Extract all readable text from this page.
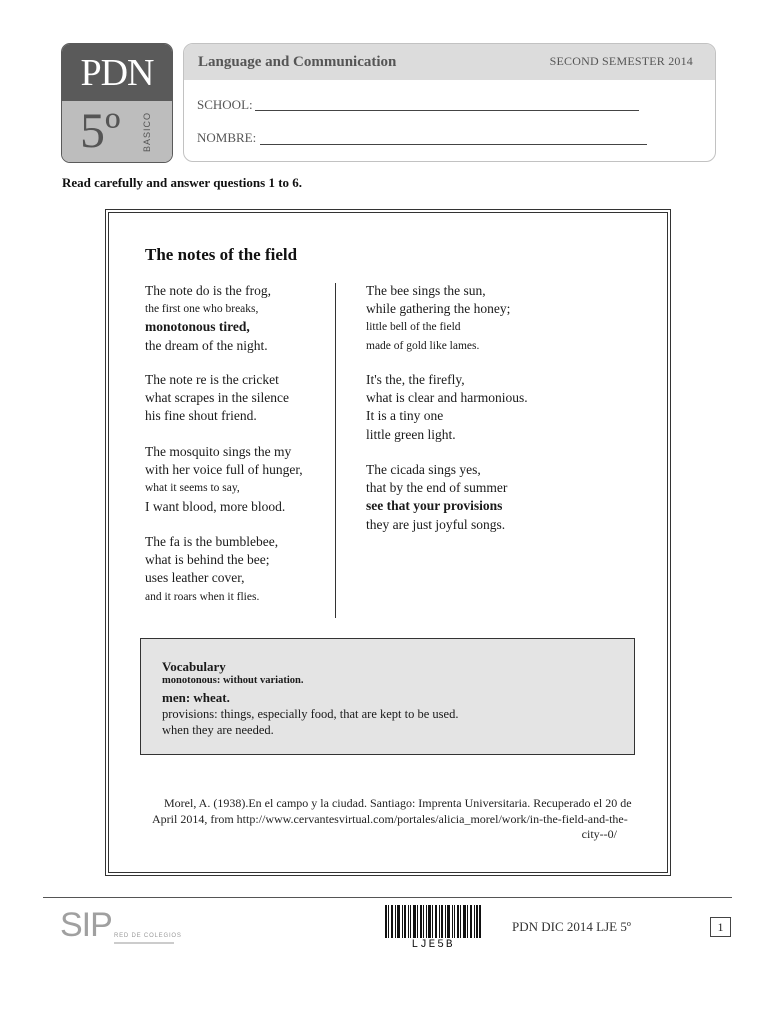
PDN
5º BASICO
Language and Communication	SECOND SEMESTER 2014
SCHOOL:
NOMBRE:
Read carefully and answer questions 1 to 6.
The notes of the field
The note do is the frog,
the first one who breaks,
monotonous tired,
the dream of the night.
The note re is the cricket
what scrapes in the silence
his fine shout friend.
The mosquito sings the my
with her voice full of hunger,
what it seems to say,
I want blood, more blood.
The fa is the bumblebee,
what is behind the bee;
uses leather cover,
and it roars when it flies.
The bee sings the sun,
while gathering the honey;
little bell of the field
made of gold like lames.
It's the, the firefly,
what is clear and harmonious.
It is a tiny one
little green light.
The cicada sings yes,
that by the end of summer
see that your provisions
they are just joyful songs.
Vocabulary
monotonous: without variation.
men: wheat.
provisions: things, especially food, that are kept to be used.
when they are needed.
Morel, A. (1938).En el campo y la ciudad. Santiago: Imprenta Universitaria. Recuperado el 20 de
April 2014, from http://www.cervantesvirtual.com/portales/alicia_morel/work/in-the-field-and-the-
city--0/
SIP RED DE COLEGIOS
LJE5B
PDN DIC 2014 LJE 5º	1
